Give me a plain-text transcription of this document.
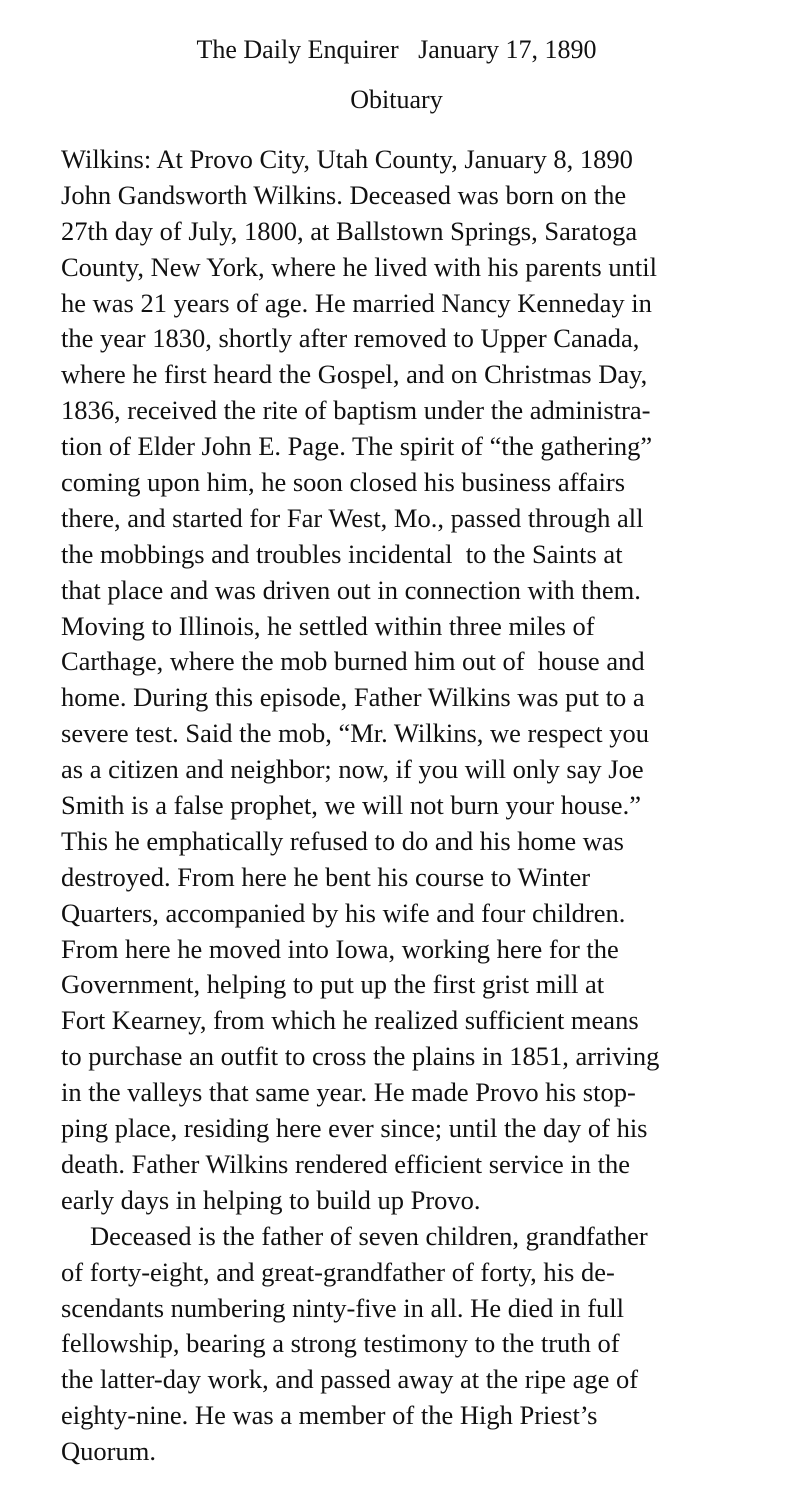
The Daily Enquirer   January 17, 1890
Obituary
Wilkins: At Provo City, Utah County, January 8, 1890
John Gandsworth Wilkins. Deceased was born on the
27th day of July, 1800, at Ballstown Springs, Saratoga
County, New York, where he lived with his parents until
he was 21 years of age. He married Nancy Kenneday in
the year 1830, shortly after removed to Upper Canada,
where he first heard the Gospel, and on Christmas Day,
1836, received the rite of baptism under the administra-
tion of Elder John E. Page. The spirit of “the gathering”
coming upon him, he soon closed his business affairs
there, and started for Far West, Mo., passed through all
the mobbings and troubles incidental  to the Saints at
that place and was driven out in connection with them.
Moving to Illinois, he settled within three miles of
Carthage, where the mob burned him out of  house and
home. During this episode, Father Wilkins was put to a
severe test. Said the mob, “Mr. Wilkins, we respect you
as a citizen and neighbor; now, if you will only say Joe
Smith is a false prophet, we will not burn your house.”
This he emphatically refused to do and his home was
destroyed. From here he bent his course to Winter
Quarters, accompanied by his wife and four children.
From here he moved into Iowa, working here for the
Government, helping to put up the first grist mill at
Fort Kearney, from which he realized sufficient means
to purchase an outfit to cross the plains in 1851, arriving
in the valleys that same year. He made Provo his stop-
ping place, residing here ever since; until the day of his
death. Father Wilkins rendered efficient service in the
early days in helping to build up Provo.
Deceased is the father of seven children, grandfather
of forty-eight, and great-grandfather of forty, his de-
scendants numbering ninty-five in all. He died in full
fellowship, bearing a strong testimony to the truth of
the latter-day work, and passed away at the ripe age of
eighty-nine. He was a member of the High Priest’s
Quorum.
